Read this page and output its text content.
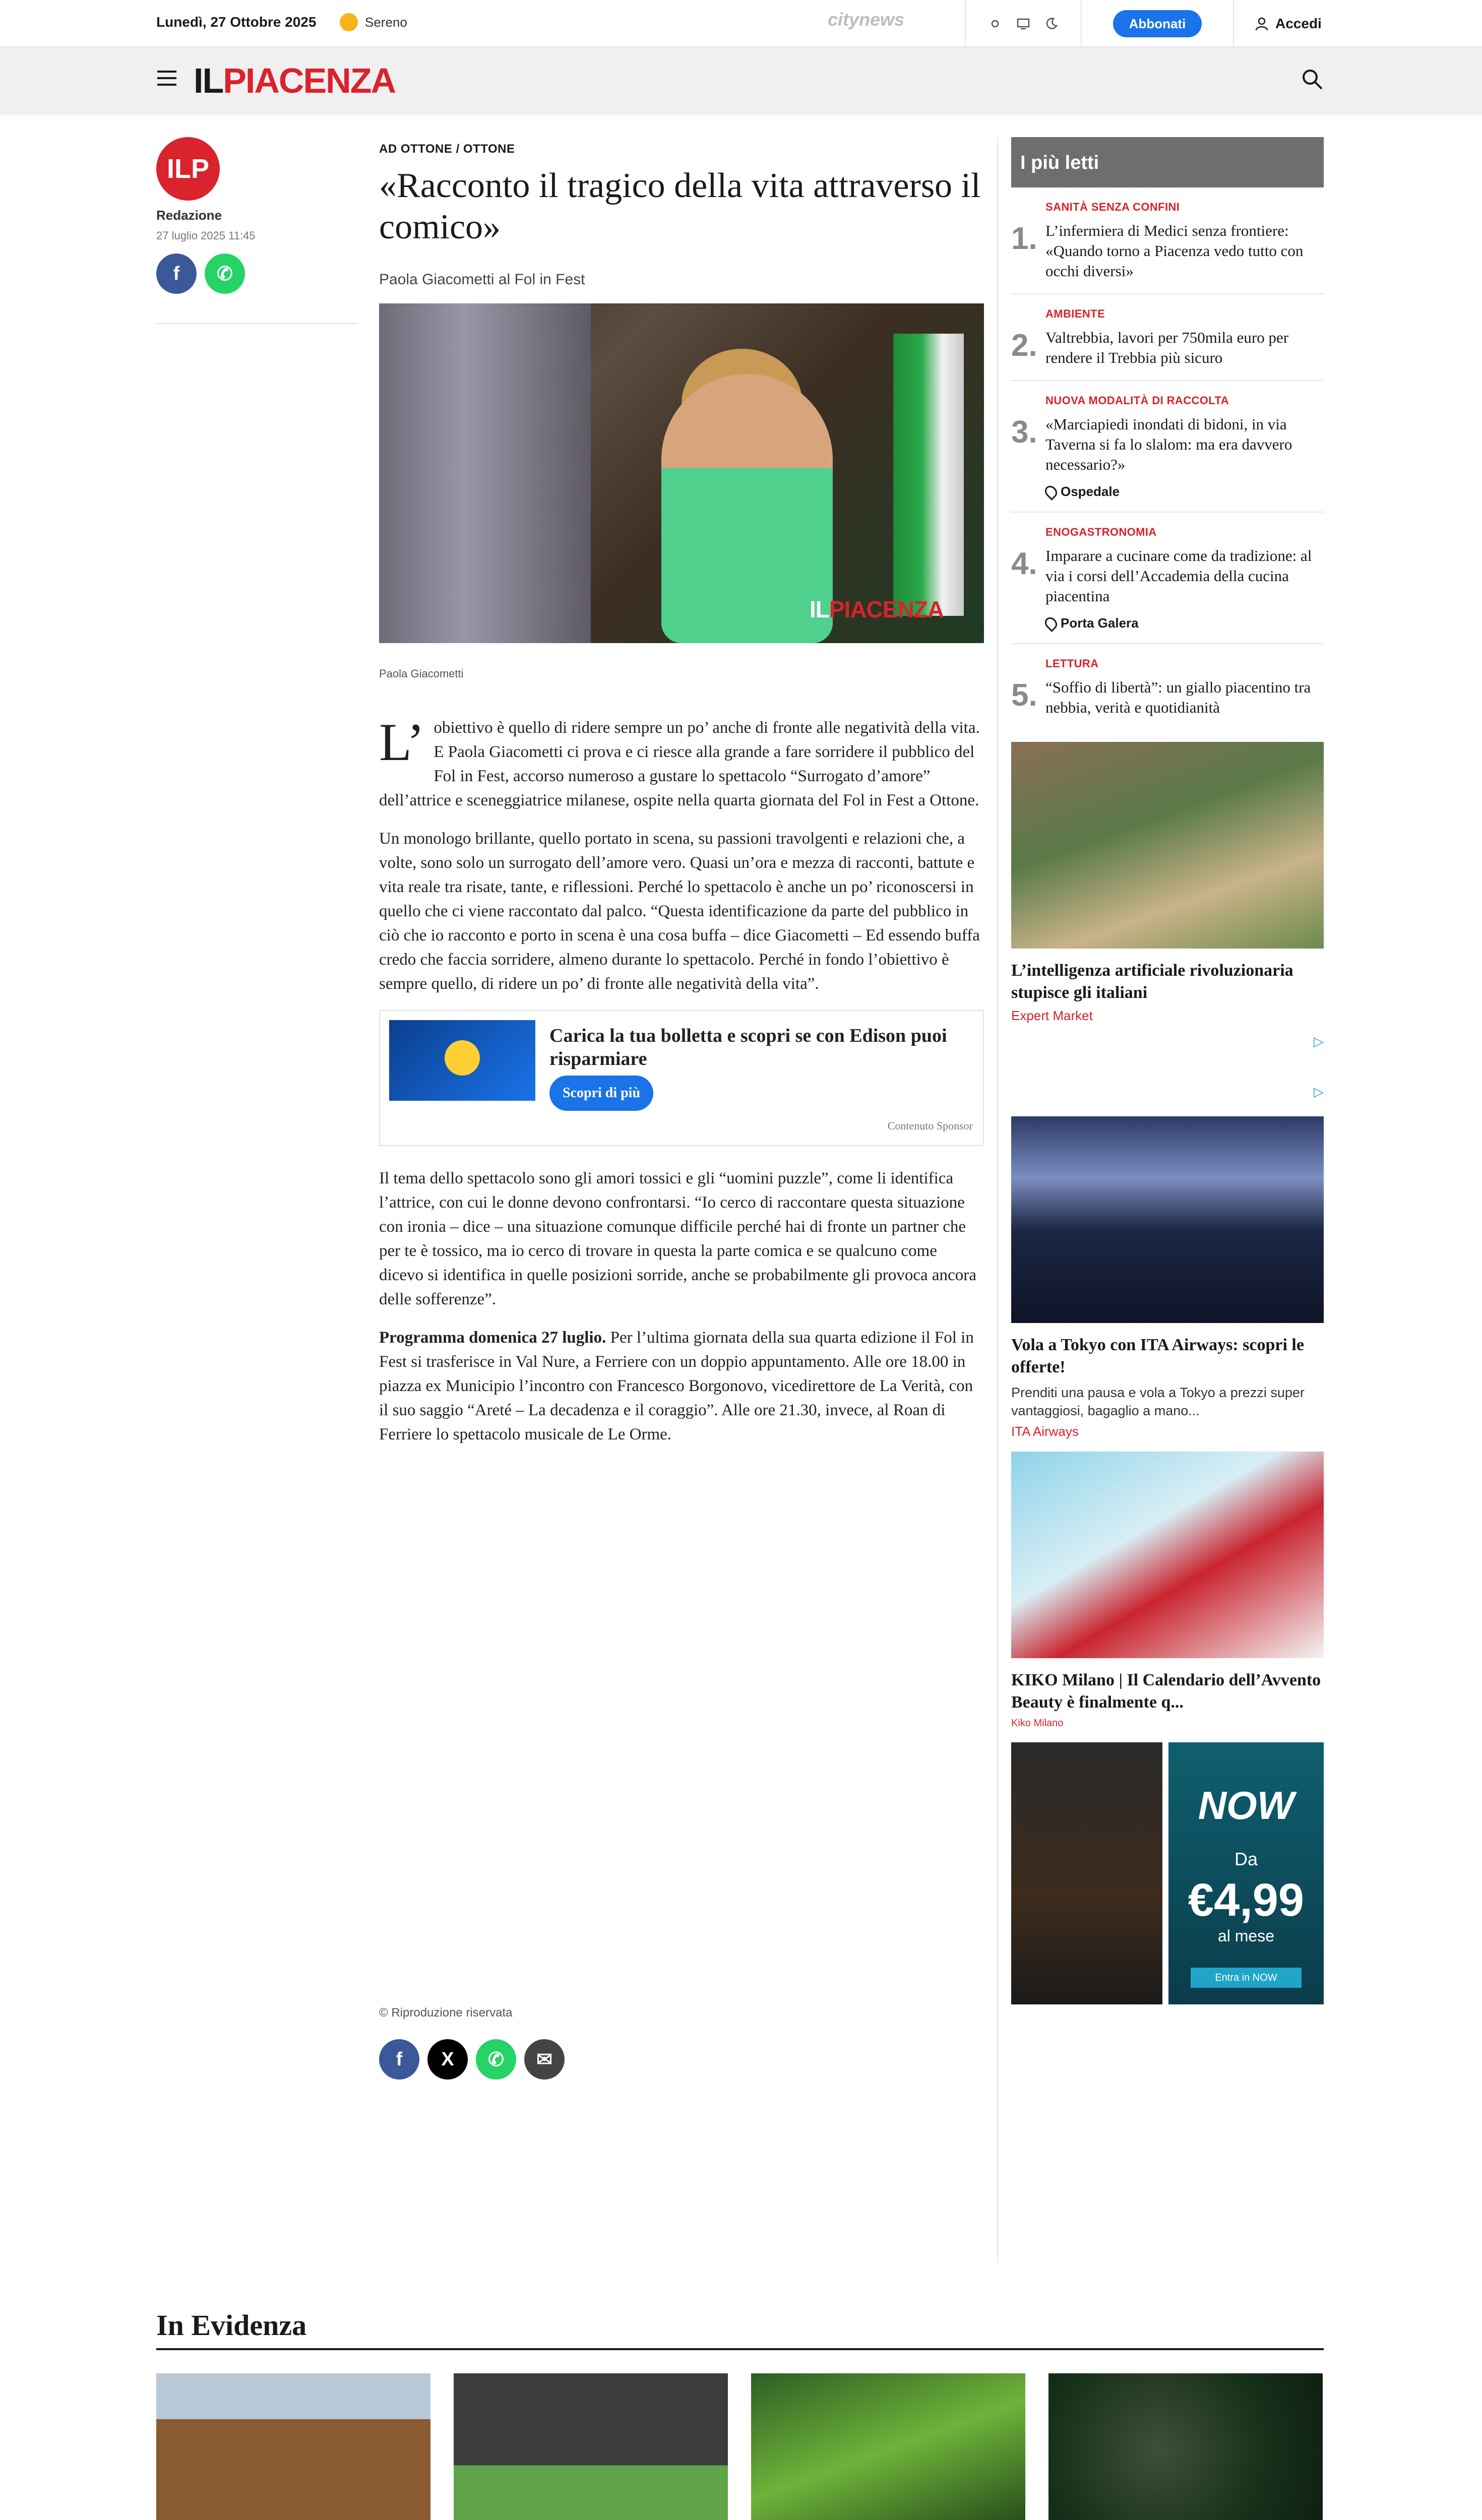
Lunedì, 27 Ottobre 2025	Sereno	citynews	Abbonati	Accedi
ILPIACENZA
ILP
Redazione
27 luglio 2025 11:45
f	✆
AD OTTONE / OTTONE
«Racconto il tragico della vita attraverso il comico»
Paola Giacometti al Fol in Fest
ILPIACENZA
Paola Giacometti

L’ obiettivo è quello di ridere sempre un po’ anche di fronte alle negatività della vita. E Paola Giacometti ci prova e ci riesce alla grande a fare sorridere il pubblico del Fol in Fest, accorso numeroso a gustare lo spettacolo “Surrogato d’amore” dell’attrice e sceneggiatrice milanese, ospite nella quarta giornata del Fol in Fest a Ottone.

Un monologo brillante, quello portato in scena, su passioni travolgenti e relazioni che, a volte, sono solo un surrogato dell’amore vero. Quasi un’ora e mezza di racconti, battute e vita reale tra risate, tante, e riflessioni. Perché lo spettacolo è anche un po’ riconoscersi in quello che ci viene raccontato dal palco. “Questa identificazione da parte del pubblico in ciò che io racconto e porto in scena è una cosa buffa – dice Giacometti – Ed essendo buffa credo che faccia sorridere, almeno durante lo spettacolo. Perché in fondo l’obiettivo è sempre quello, di ridere un po’ di fronte alle negatività della vita”.

Carica la tua bolletta e scopri se con Edison puoi risparmiare
Scopri di più
Contenuto Sponsor

Il tema dello spettacolo sono gli amori tossici e gli “uomini puzzle”, come li identifica l’attrice, con cui le donne devono confrontarsi. “Io cerco di raccontare questa situazione con ironia – dice – una situazione comunque difficile perché hai di fronte un partner che per te è tossico, ma io cerco di trovare in questa la parte comica e se qualcuno come dicevo si identifica in quelle posizioni sorride, anche se probabilmente gli provoca ancora delle sofferenze”.

Programma domenica 27 luglio. Per l’ultima giornata della sua quarta edizione il Fol in Fest si trasferisce in Val Nure, a Ferriere con un doppio appuntamento. Alle ore 18.00 in piazza ex Municipio l’incontro con Francesco Borgonovo, vicedirettore de La Verità, con il suo saggio “Areté – La decadenza e il coraggio”. Alle ore 21.30, invece, al Roan di Ferriere lo spettacolo musicale de Le Orme.

© Riproduzione riservata
f	X	✆	✉
I più letti
1.
SANITÀ SENZA CONFINI
L’infermiera di Medici senza frontiere: «Quando torno a Piacenza vedo tutto con occhi diversi»
2.
AMBIENTE
Valtrebbia, lavori per 750mila euro per rendere il Trebbia più sicuro
3.
NUOVA MODALITÀ DI RACCOLTA
«Marciapiedi inondati di bidoni, in via Taverna si fa lo slalom: ma era davvero necessario?»
Ospedale
4.
ENOGASTRONOMIA
Imparare a cucinare come da tradizione: al via i corsi dell’Accademia della cucina piacentina
Porta Galera
5.
LETTURA
“Soffio di libertà”: un giallo piacentino tra nebbia, verità e quotidianità
L’intelligenza artificiale rivoluzionaria stupisce gli italiani
Expert Market
▷
▷
Vola a Tokyo con ITA Airways: scopri le offerte!
Prenditi una pausa e vola a Tokyo a prezzi super vantaggiosi, bagaglio a mano...
ITA Airways
KIKO Milano | Il Calendario dell’Avvento Beauty è finalmente q...
Kiko Milano
NOW
Da
€4,99
al mese
Entra in NOW
In Evidenza
